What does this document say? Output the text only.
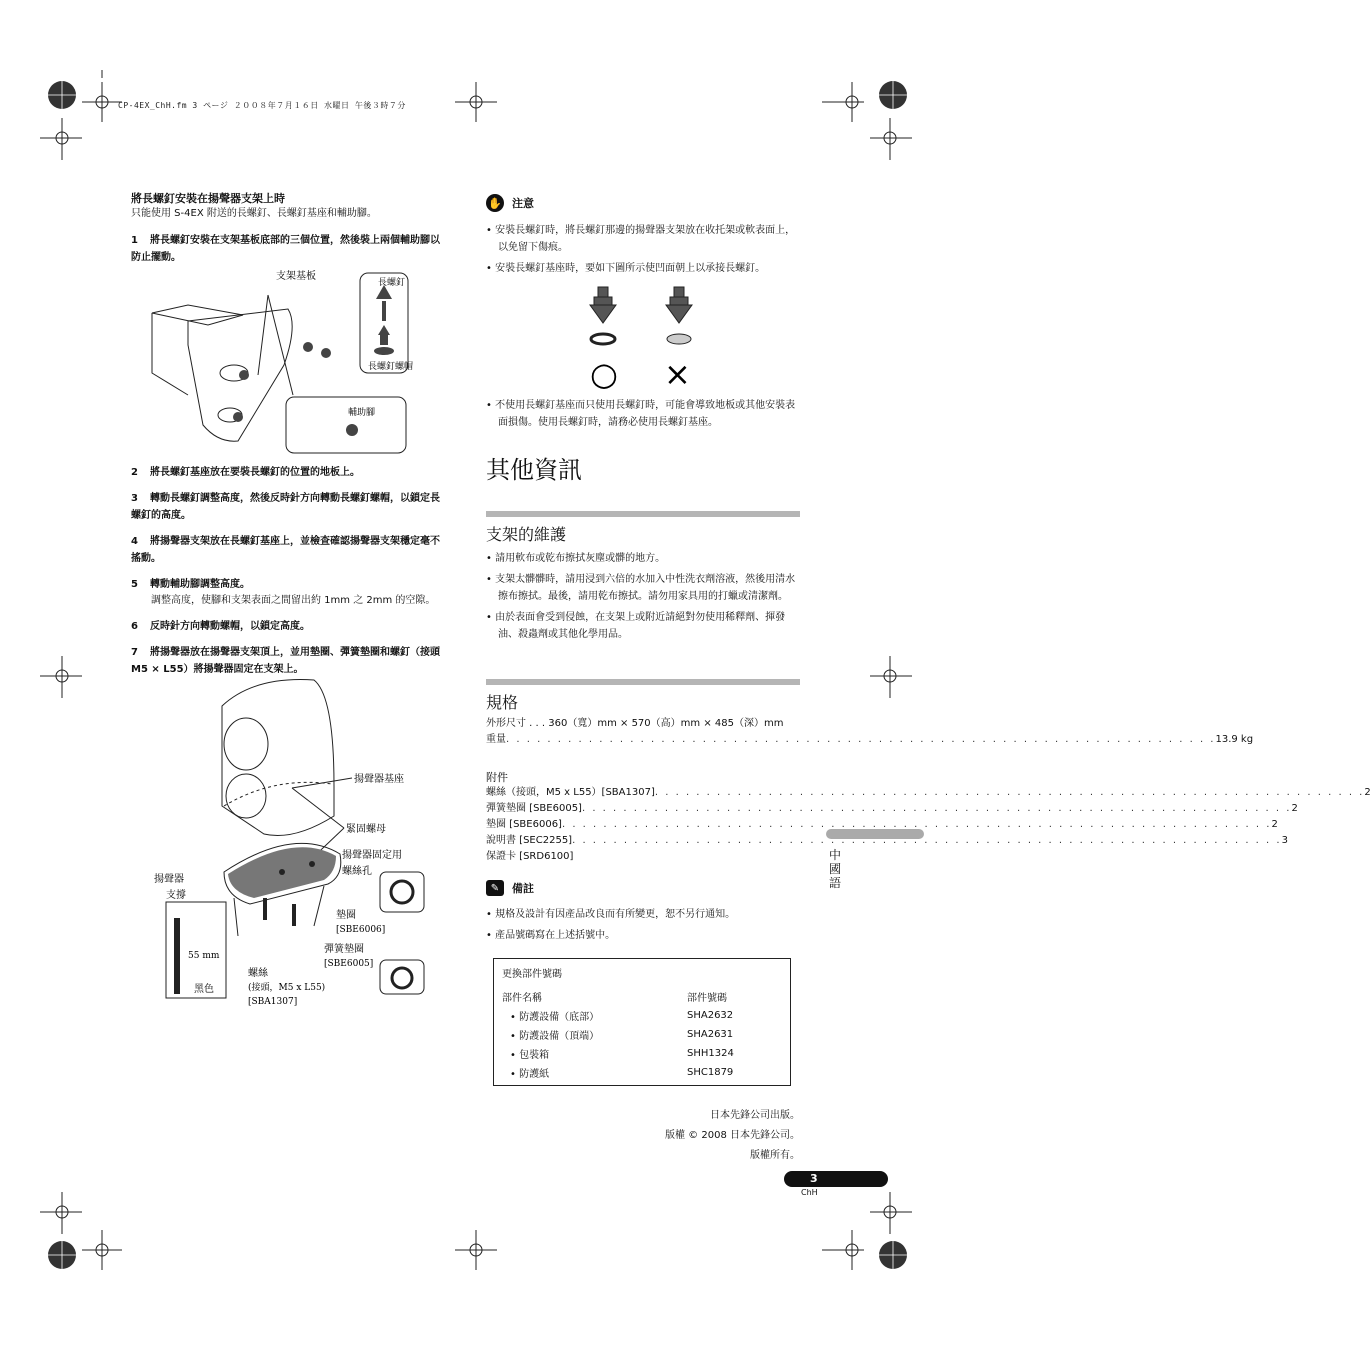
CP-4EX_ChH.fm 3 ページ ２００８年７月１６日 水曜日 午後３時７分
將長螺釘安裝在揚聲器支架上時
只能使用 S-4EX 附送的長螺釘、長螺釘基座和輔助腳。
1 將長螺釘安裝在支架基板底部的三個位置，然後裝上兩個輔助腳以防止擺動。
支架基板
長螺釘
長螺釘螺帽
輔助腳
2 將長螺釘基座放在要裝長螺釘的位置的地板上。
3 轉動長螺釘調整高度，然後反時針方向轉動長螺釘螺帽，以鎖定長螺釘的高度。
4 將揚聲器支架放在長螺釘基座上，並檢查確認揚聲器支架穩定毫不搖動。
5 轉動輔助腳調整高度。
調整高度，使腳和支架表面之間留出約 1mm 之 2mm 的空隙。
6 反時針方向轉動螺帽，以鎖定高度。
7 將揚聲器放在揚聲器支架頂上，並用墊圈、彈簧墊圈和螺釘（接頭 M5 × L55）將揚聲器固定在支架上。
揚聲器基座
緊固螺母
揚聲器固定用
螺絲孔
揚聲器
支撐
墊圈
[SBE6006]
彈簧墊圈
[SBE6005]
55 mm
黑色
螺絲
(接頭，M5 x L55)
[SBA1307]
✋ 注意
• 安裝長螺釘時，將長螺釘那邊的揚聲器支架放在收托架或軟表面上，以免留下傷痕。
• 安裝長螺釘基座時，要如下圖所示使凹面朝上以承接長螺釘。
○ ×
• 不使用長螺釘基座而只使用長螺釘時，可能會導致地板或其他安裝表面損傷。使用長螺釘時，請務必使用長螺釘基座。
其他資訊
支架的維護
• 請用軟布或乾布擦拭灰塵或髒的地方。
• 支架太髒髒時，請用浸到六倍的水加入中性洗衣劑溶液，然後用清水擦布擦拭。最後，請用乾布擦拭。請勿用家具用的打蠟或清潔劑。
• 由於表面會受到侵蝕，在支架上或附近請絕對勿使用稀釋劑、揮發油、殺蟲劑或其他化學用品。
規格
外形尺寸 . . . 360（寬）mm × 570（高）mm × 485（深）mm
重量 . . .	13.9 kg
附件
螺絲（接頭，M5 x L55）[SBA1307] . . .	2
彈簧墊圈 [SBE6005] . . .	2
墊圈 [SBE6006] . . .	2
說明書 [SEC2255] . . .	3
保證卡 [SRD6100]
✎	備註
• 規格及設計有因產品改良而有所變更，恕不另行通知。
• 產品號碼寫在上述括號中。
更換部件號碼
部件名稱	部件號碼
• 防護設備（底部）	SHA2632
• 防護設備（頂端）	SHA2631
• 包裝箱	SHH1324
• 防護紙	SHC1879
日本先鋒公司出版。
版權 © 2008 日本先鋒公司。
版權所有。
中國語
3
ChH
